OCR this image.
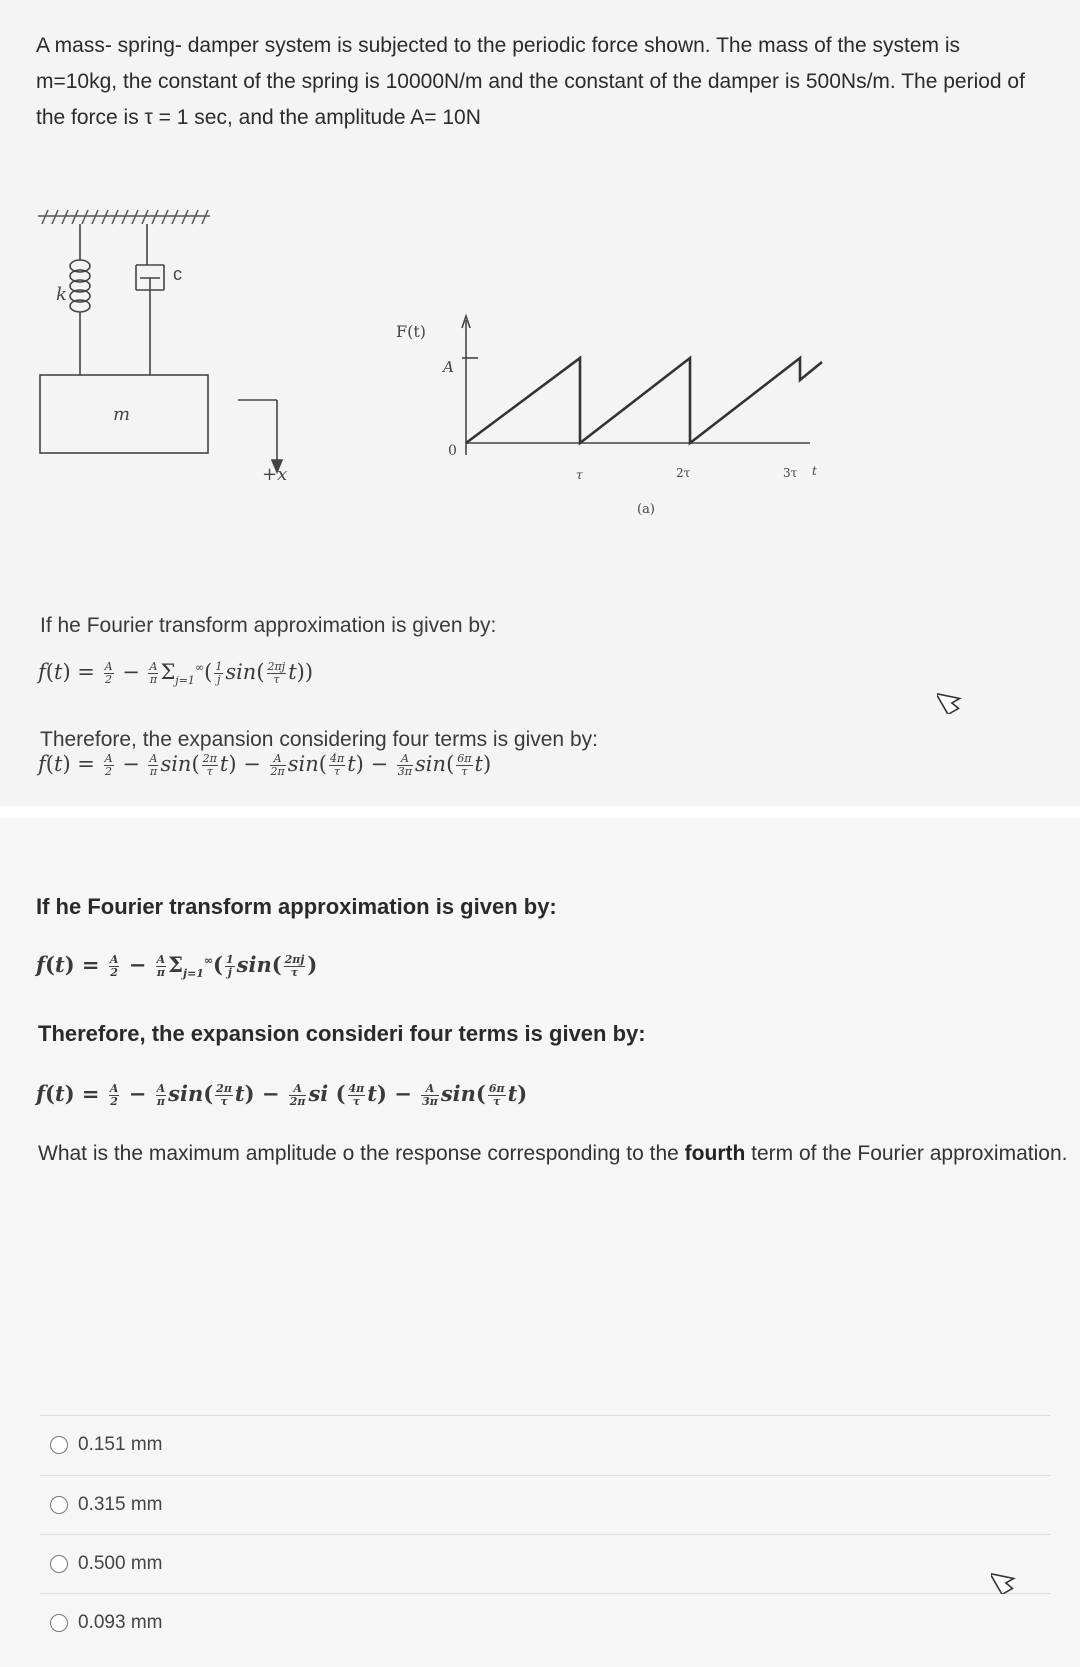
A mass- spring- damper system is subjected to the periodic force shown. The mass of the system is m=10kg, the constant of the spring is 10000N/m and the constant of the damper is 500Ns/m. The period of the force is τ = 1 sec, and the amplitude A= 10N
k
c
m
+x
F(t)
A
0
τ	2τ	3τ t
(a)
If he Fourier transform approximation is given by:
$f(t) = \frac{A}{2} - \frac{A}{\pi} \Sigma_{j=1}^\infty( \frac{1}{j} \sin( \frac{2\pi j}{\tau} t))$
Therefore, the expansion considering four terms is given by:
$f(t) = \frac{A}{2} - \frac{A}{\pi} \sin( \frac{2\pi}{\tau} t) - \frac{A}{2\pi} \sin( \frac{4\pi}{\tau} t) - \frac{A}{3\pi} \sin( \frac{6\pi}{\tau} t)$
If he Fourier transform approximation is given by:
$f(t) = \frac{A}{2} - \frac{A}{\pi} \Sigma_{j=1}^\infty( \frac{1}{j} \sin( \frac{2\pi j}{\tau}$ )
Therefore, the expansion consideri four terms is given by:
$f(t) = \frac{A}{2} - \frac{A}{\pi} \sin( \frac{2\pi}{\tau} t) - \frac{A}{2\pi}$ si ( $\frac{4\pi}{\tau} t) - \frac{A}{3\pi} \sin( \frac{6\pi}{\tau} t)$
What is the maximum amplitude o the response corresponding to the fourth term of the Fourier approximation.
0.151 mm
0.315 mm
0.500 mm
0.093 mm
